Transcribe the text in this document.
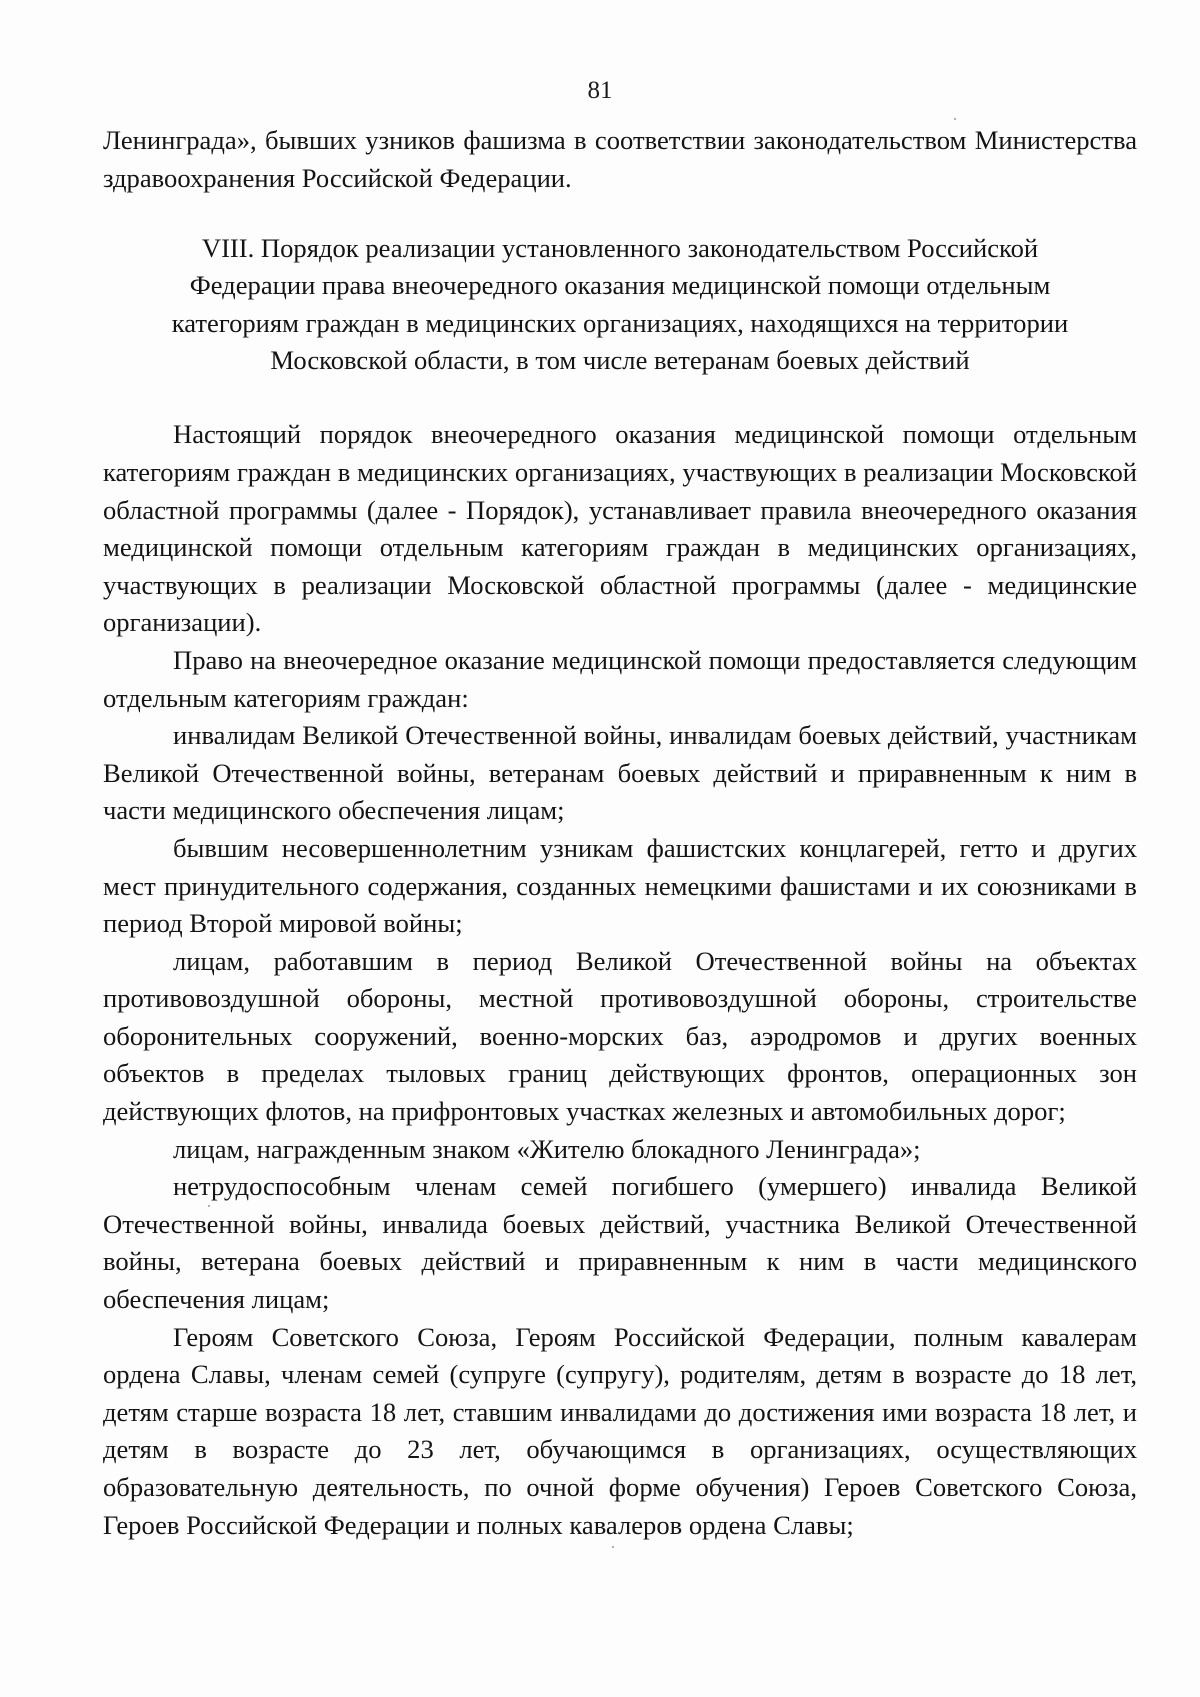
81

Ленинграда», бывших узников фашизма в соответствии законодательством Министерства здравоохранения Российской Федерации.

VIII. Порядок реализации установленного законодательством Российской
Федерации права внеочередного оказания медицинской помощи отдельным
категориям граждан в медицинских организациях, находящихся на территории
Московской области, в том числе ветеранам боевых действий

Настоящий порядок внеочередного оказания медицинской помощи отдельным категориям граждан в медицинских организациях, участвующих в реализации Московской областной программы (далее - Порядок), устанавливает правила внеочередного оказания медицинской помощи отдельным категориям граждан в медицинских организациях, участвующих в реализации Московской областной программы (далее - медицинские организации).

Право на внеочередное оказание медицинской помощи предоставляется следующим отдельным категориям граждан:

инвалидам Великой Отечественной войны, инвалидам боевых действий, участникам Великой Отечественной войны, ветеранам боевых действий и приравненным к ним в части медицинского обеспечения лицам;

бывшим несовершеннолетним узникам фашистских концлагерей, гетто и других мест принудительного содержания, созданных немецкими фашистами и их союзниками в период Второй мировой войны;

лицам, работавшим в период Великой Отечественной войны на объектах противовоздушной обороны, местной противовоздушной обороны, строительстве оборонительных сооружений, военно-морских баз, аэродромов и других военных объектов в пределах тыловых границ действующих фронтов, операционных зон действующих флотов, на прифронтовых участках железных и автомобильных дорог;

лицам, награжденным знаком «Жителю блокадного Ленинграда»;

нетрудоспособным членам семей погибшего (умершего) инвалида Великой Отечественной войны, инвалида боевых действий, участника Великой Отечественной войны, ветерана боевых действий и приравненным к ним в части медицинского обеспечения лицам;

Героям Советского Союза, Героям Российской Федерации, полным кавалерам ордена Славы, членам семей (супруге (супругу), родителям, детям в возрасте до 18 лет, детям старше возраста 18 лет, ставшим инвалидами до достижения ими возраста 18 лет, и детям в возрасте до 23 лет, обучающимся в организациях, осуществляющих образовательную деятельность, по очной форме обучения) Героев Советского Союза, Героев Российской Федерации и полных кавалеров ордена Славы;
